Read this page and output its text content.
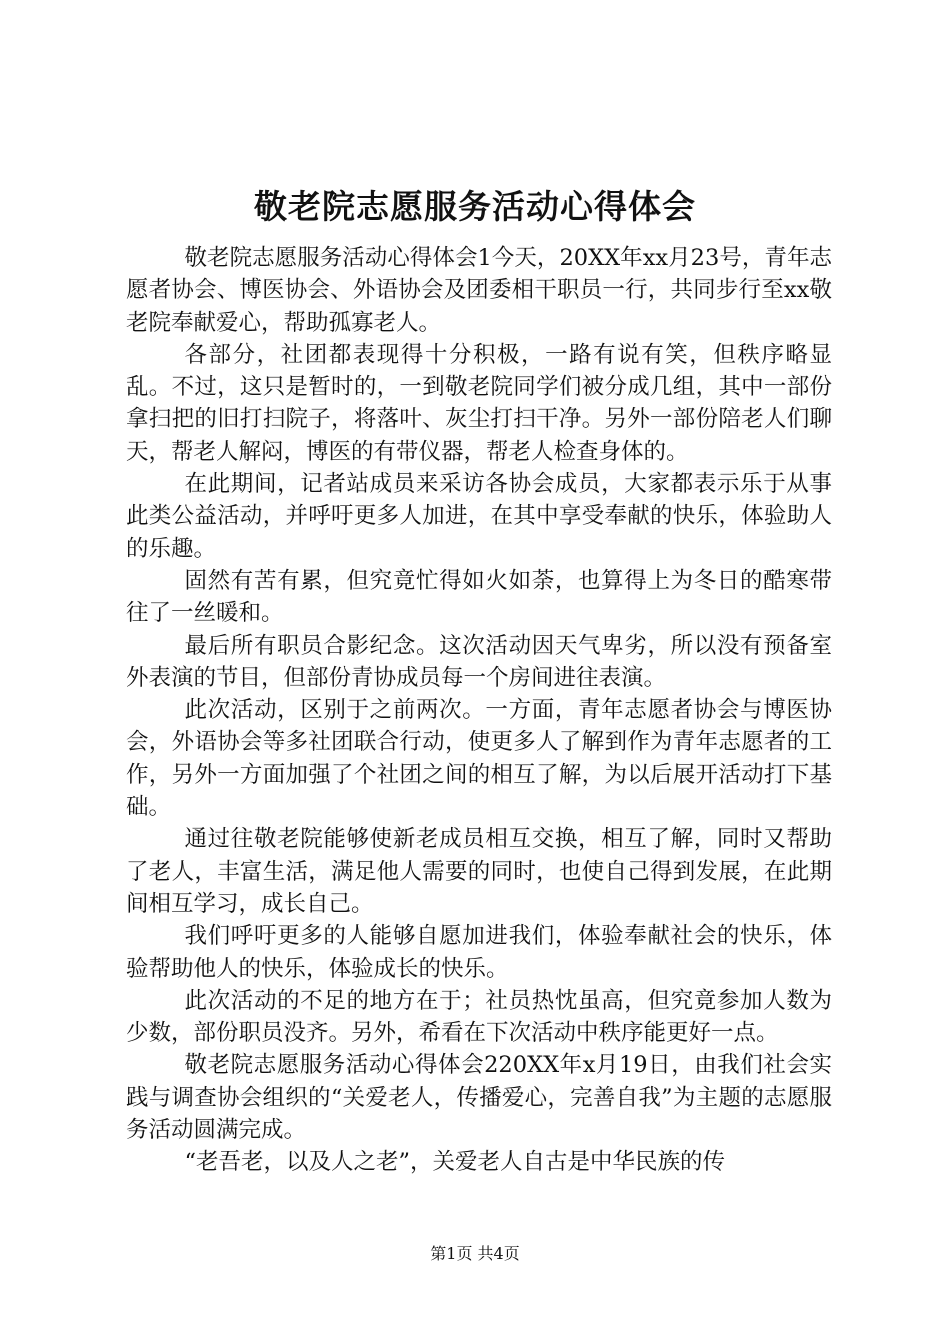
敬老院志愿服务活动心得体会

敬老院志愿服务活动心得体会1今天，20XX年xx月23号，青年志愿者协会、博医协会、外语协会及团委相干职员一行，共同步行至xx敬老院奉献爱心，帮助孤寡老人。

各部分，社团都表现得十分积极，一路有说有笑，但秩序略显乱。不过，这只是暂时的，一到敬老院同学们被分成几组，其中一部份拿扫把的旧打扫院子，将落叶、灰尘打扫干净。另外一部份陪老人们聊天，帮老人解闷，博医的有带仪器，帮老人检查身体的。

在此期间，记者站成员来采访各协会成员，大家都表示乐于从事此类公益活动，并呼吁更多人加进，在其中享受奉献的快乐，体验助人的乐趣。

固然有苦有累，但究竟忙得如火如荼，也算得上为冬日的酷寒带往了一丝暖和。

最后所有职员合影纪念。这次活动因天气卑劣，所以没有预备室外表演的节目，但部份青协成员每一个房间进往表演。

此次活动，区别于之前两次。一方面，青年志愿者协会与博医协会，外语协会等多社团联合行动，使更多人了解到作为青年志愿者的工作，另外一方面加强了个社团之间的相互了解，为以后展开活动打下基础。

通过往敬老院能够使新老成员相互交换，相互了解，同时又帮助了老人，丰富生活，满足他人需要的同时，也使自己得到发展，在此期间相互学习，成长自己。

我们呼吁更多的人能够自愿加进我们，体验奉献社会的快乐，体验帮助他人的快乐，体验成长的快乐。

此次活动的不足的地方在于；社员热忱虽高，但究竟参加人数为少数，部份职员没齐。另外，希看在下次活动中秩序能更好一点。

敬老院志愿服务活动心得体会220XX年x月19日，由我们社会实践与调查协会组织的“关爱老人，传播爱心，完善自我”为主题的志愿服务活动圆满完成。

“老吾老，以及人之老”，关爱老人自古是中华民族的传

第1页 共4页
